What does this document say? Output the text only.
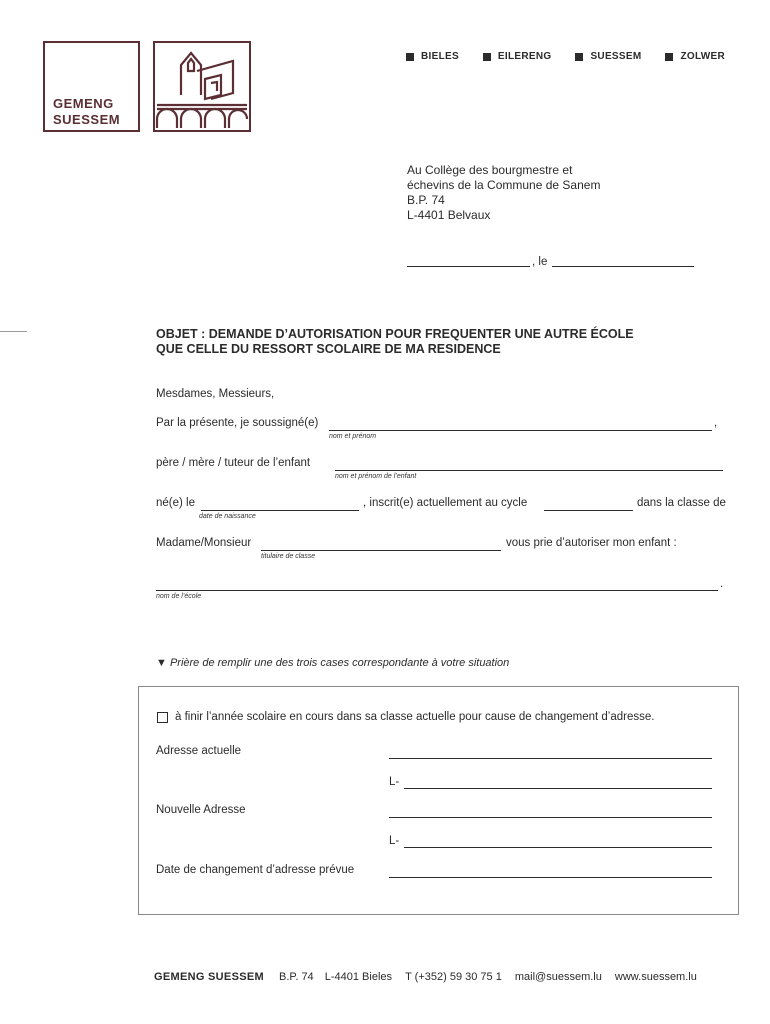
GEMENG
SUESSEM
BIELES	EILERENG	SUESSEM	ZOLWER
Au Collège des bourgmestre et
échevins de la Commune de Sanem
B.P. 74
L-4401 Belvaux
, le
OBJET : DEMANDE D’AUTORISATION POUR FREQUENTER UNE AUTRE ÉCOLE
QUE CELLE DU RESSORT SCOLAIRE DE MA RESIDENCE
Mesdames, Messieurs,
Par la présente, je soussigné(e)	,
nom et prénom
père / mère / tuteur de l’enfant
nom et prénom de l’enfant
né(e) le
date de naissance
, inscrit(e) actuellement au cycle	dans la classe de
Madame/Monsieur
titulaire de classe
vous prie d’autoriser mon enfant :
.
nom de l’école
▼ Prière de remplir une des trois cases correspondante à votre situation
à finir l’année scolaire en cours dans sa classe actuelle pour cause de changement d’adresse.
Adresse actuelle
L-
Nouvelle Adresse
L-
Date de changement d’adresse prévue
GEMENG SUESSEM B.P. 74 L-4401 Bieles T (+352) 59 30 75 1 mail@suessem.lu www.suessem.lu
